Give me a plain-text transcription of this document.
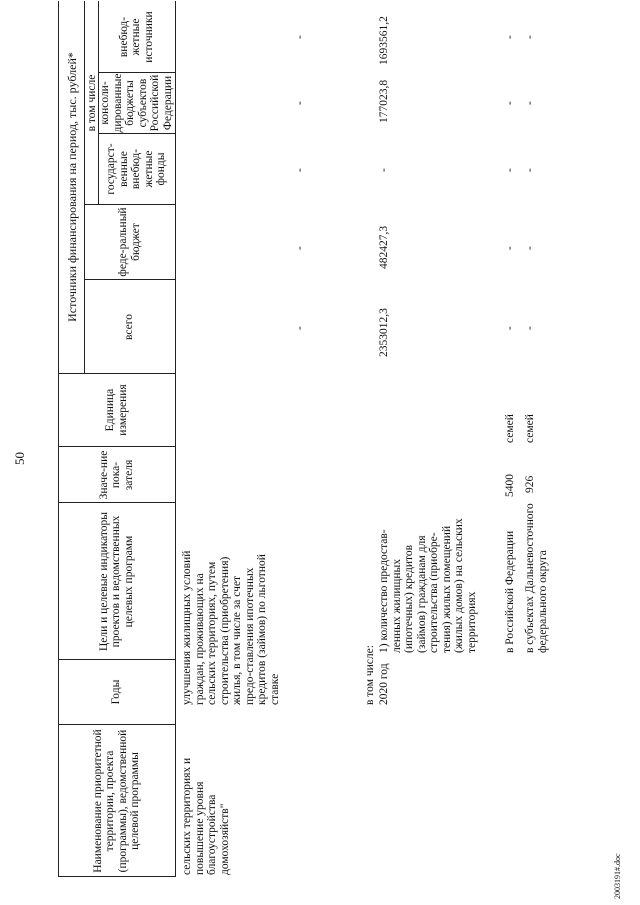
50
2003191#.doc
Наименование приоритетной территории, проекта (программы), ведомственной целевой программы
Годы
Цели и целевые индикаторы проектов и ведомственных целевых программ
Значе-ние пока-зателя
Единица измерения
Источники финансирования на период, тыс. рублей*
всего
в том числе
феде-ральный бюджет
государст-венные внебюд-жетные фонды
консоли-дированные бюджеты субъектов Российской Федерации
внебюд-жетные источники
сельских территориях и повышение уровня благоустройства домохозяйств"
улучшения жилищных условий граждан, проживающих на сельских территориях, путем строительства (приобретения) жилья, в том числе за счет предо-ставления ипотечных кредитов (займов) по льготной ставке
-
-
-
-
-
в том числе: 2020 год
1) количество предостав-ленных жилищных (ипотечных) кредитов (займов) гражданам для строительства (приобре-тения) жилых помещений (жилых домов) на сельских территориях
2353012,3
482427,3
-
177023,8
1693561,2
в Российской Федерации
5400
семей
в субъектах Дальневосточного федерального округа
926
семей
-
-
-
-
-
-
-
-
-
-
